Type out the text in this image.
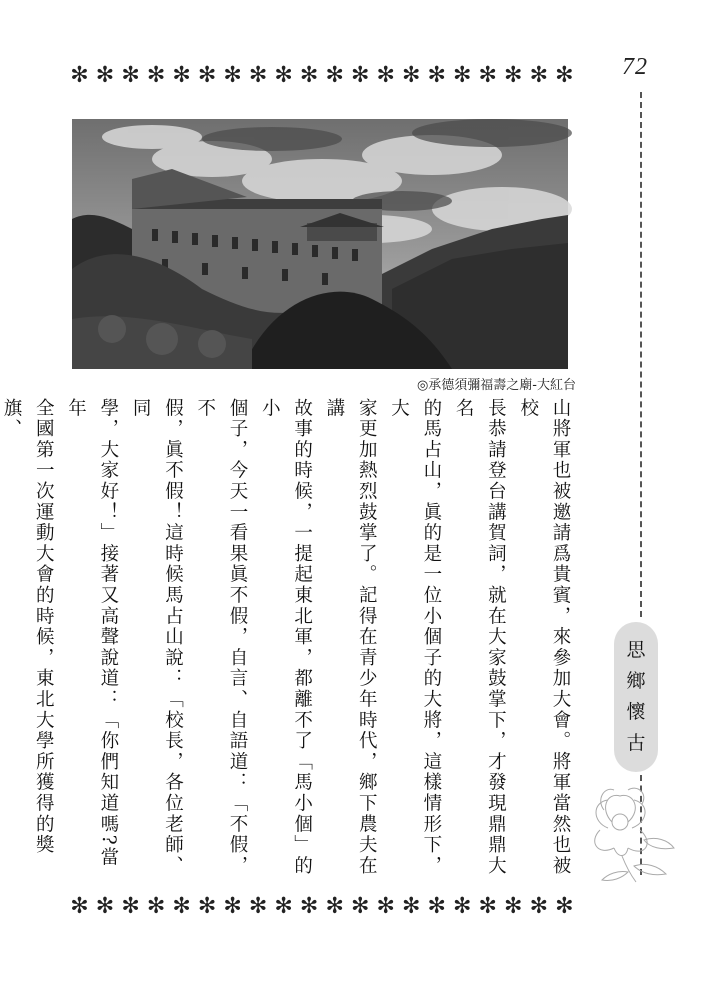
✻ ✻ ✻ ✻ ✻ ✻ ✻ ✻ ✻ ✻ ✻ ✻ ✻ ✻ ✻ ✻ ✻ ✻ ✻ ✻ 72
思
鄉
懷
古
◎承德須彌福壽之廟-大紅台

山將軍也被邀請爲貴賓，來參加大會。將軍當然也被校

長恭請登台講賀詞，就在大家鼓掌下，才發現鼎鼎大名

的馬占山，眞的是一位小個子的大將，這樣情形下，大

家更加熱烈鼓掌了。記得在青少年時代，鄉下農夫在講

故事的時候，一提起東北軍，都離不了「馬小個」的小

個子，今天一看果眞不假，自言、自語道：「不假，不

假，眞不假！這時候馬占山說：「校長，各位老師、同

學，大家好！」接著又高聲說道：「你們知道嗎?當年

全國第一次運動大會的時候，東北大學所獲得的獎旗、

✻ ✻ ✻ ✻ ✻ ✻ ✻ ✻ ✻ ✻ ✻ ✻ ✻ ✻ ✻ ✻ ✻ ✻ ✻ ✻
